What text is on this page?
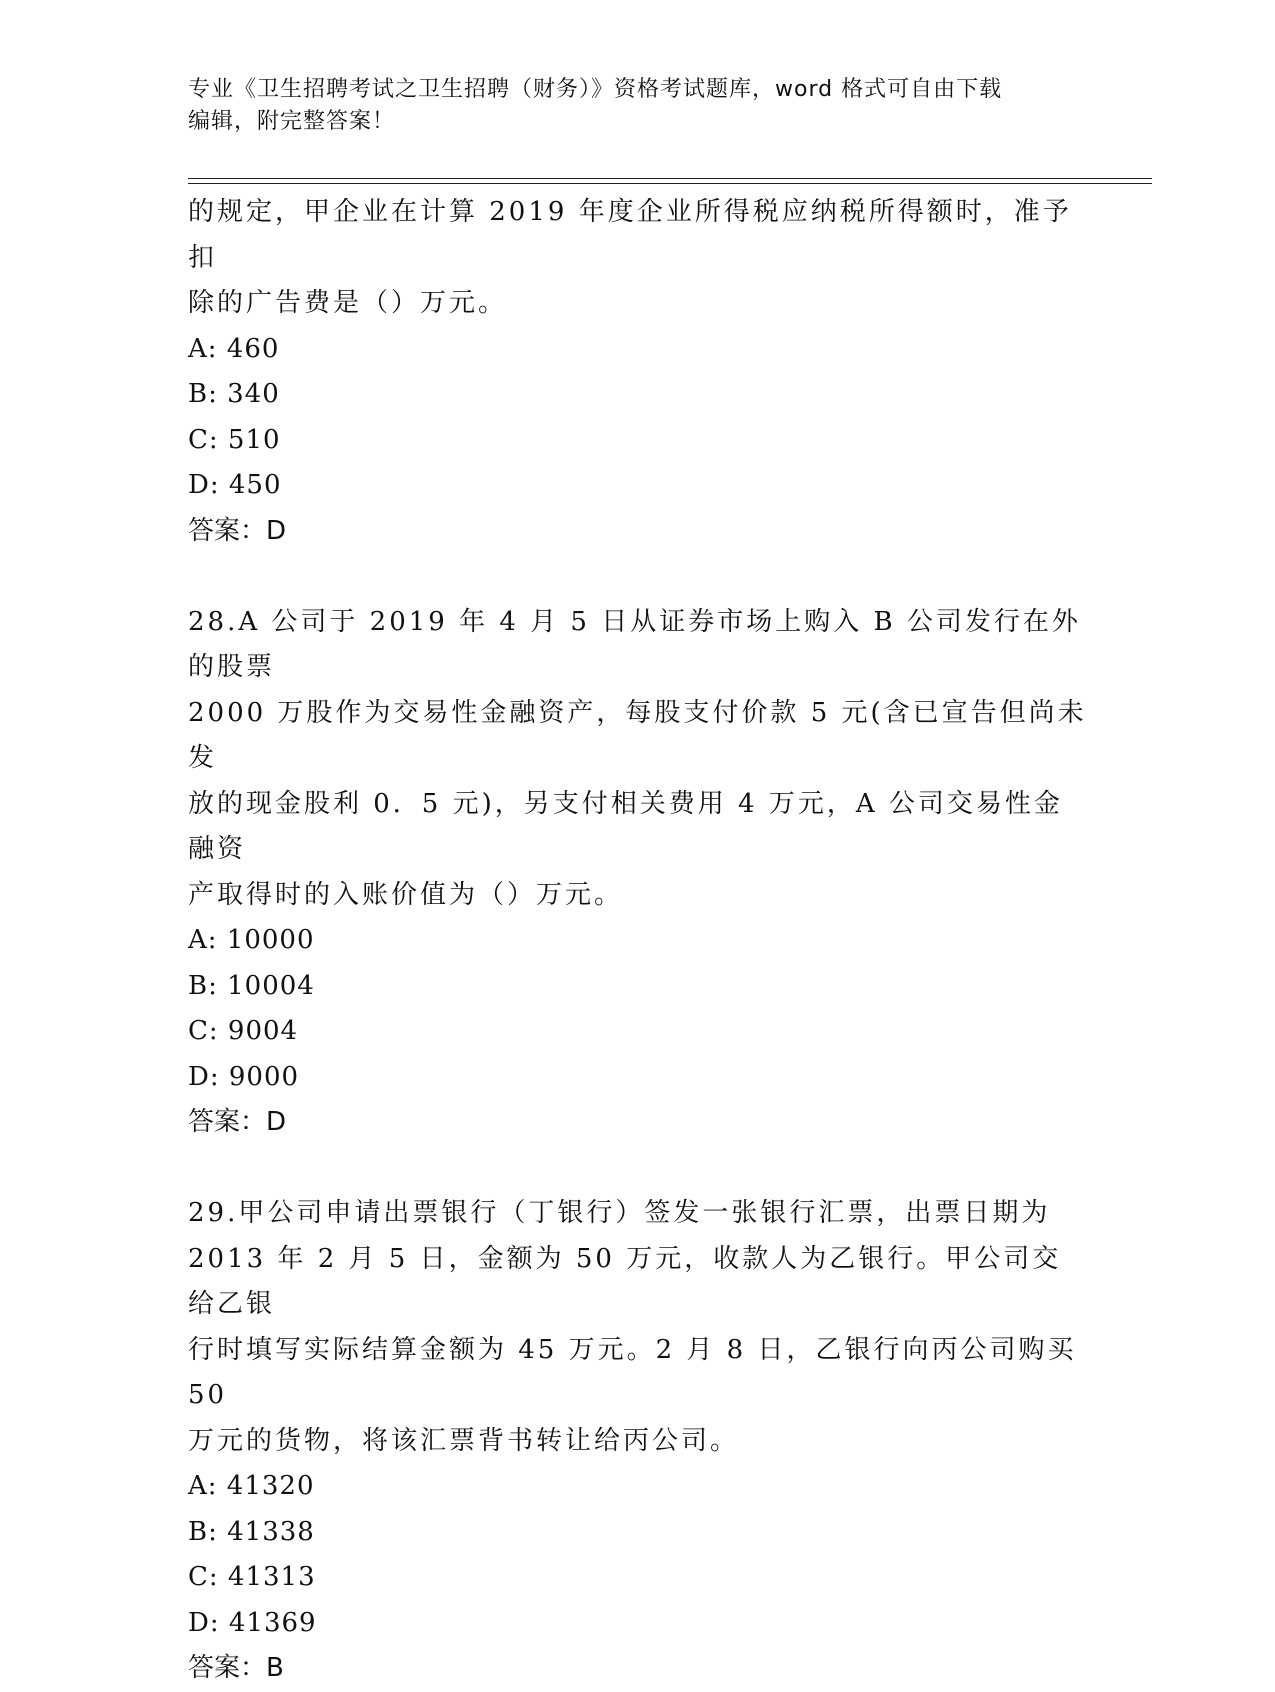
专业《卫生招聘考试之卫生招聘（财务）》资格考试题库，word 格式可自由下载
编辑，附完整答案！

的规定，甲企业在计算 2019 年度企业所得税应纳税所得额时，准予扣

除的广告费是（）万元。

A: 460

B: 340

C: 510

D: 450

答案：D

28.A 公司于 2019 年 4 月 5 日从证券市场上购入 B 公司发行在外的股票

2000 万股作为交易性金融资产，每股支付价款 5 元(含已宣告但尚未发

放的现金股利 0．5 元)，另支付相关费用 4 万元，A 公司交易性金融资

产取得时的入账价值为（）万元。

A: 10000

B: 10004

C: 9004

D: 9000

答案：D

29.甲公司申请出票银行（丁银行）签发一张银行汇票，出票日期为

2013 年 2 月 5 日，金额为 50 万元，收款人为乙银行。甲公司交给乙银

行时填写实际结算金额为 45 万元。2 月 8 日，乙银行向丙公司购买 50

万元的货物，将该汇票背书转让给丙公司。

A: 41320

B: 41338

C: 41313

D: 41369

答案：B
